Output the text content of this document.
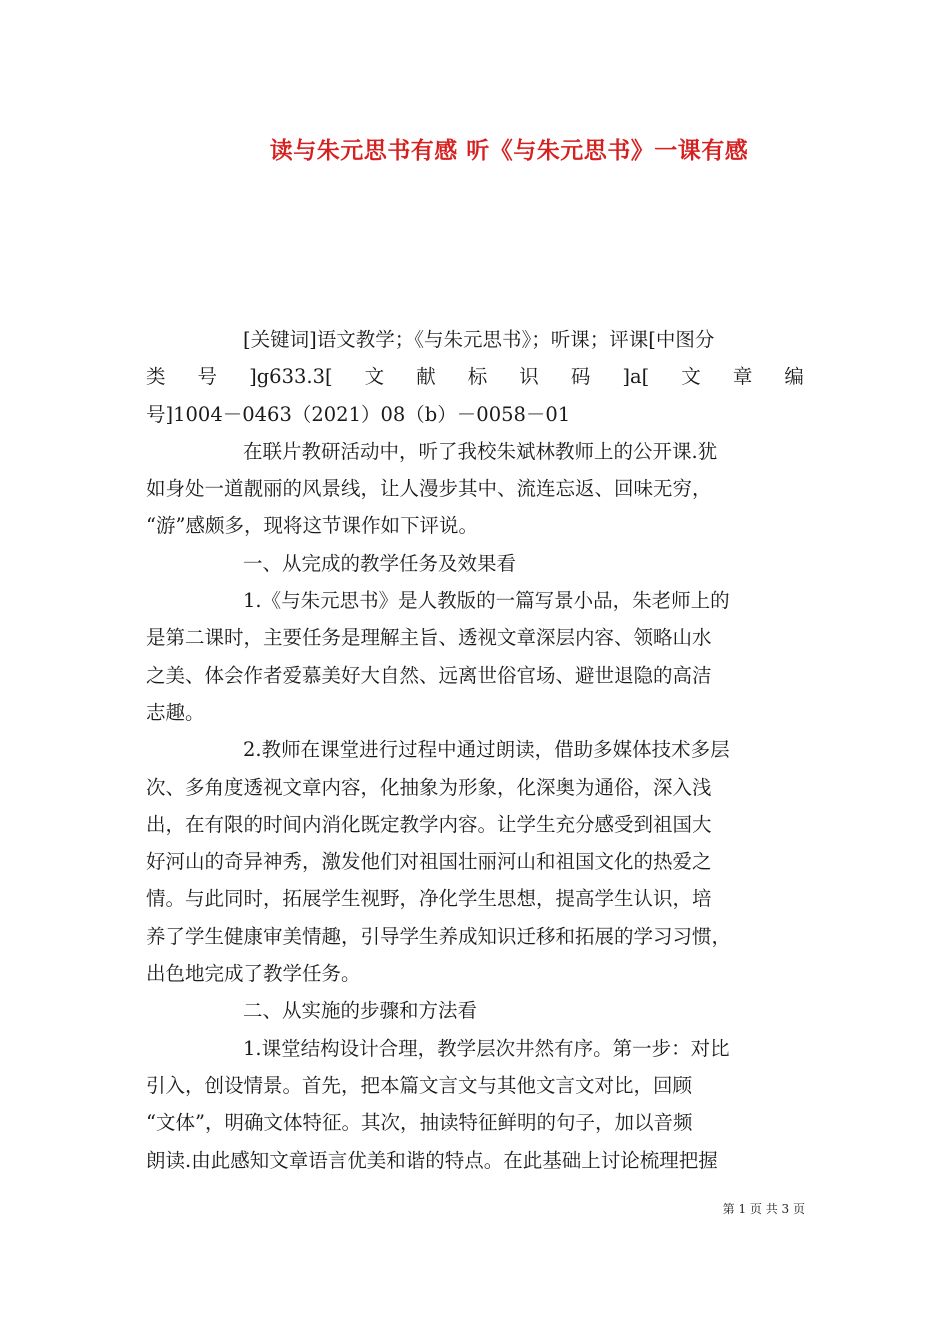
读与朱元思书有感 听《与朱元思书》一课有感
[关键词]语文教学；《与朱元思书》；听课；评课[中图分
类 号 ]g633.3[ 文 献 标 识 码 ]a[ 文 章 编
号]1004－0463（2021）08（b）－0058－01
在联片教研活动中，听了我校朱斌林教师上的公开课.犹
如身处一道靓丽的风景线，让人漫步其中、流连忘返、回味无穷，
“游”感颇多，现将这节课作如下评说。
一、从完成的教学任务及效果看
1.《与朱元思书》是人教版的一篇写景小品，朱老师上的
是第二课时，主要任务是理解主旨、透视文章深层内容、领略山水
之美、体会作者爱慕美好大自然、远离世俗官场、避世退隐的高洁
志趣。
2.教师在课堂进行过程中通过朗读，借助多媒体技术多层
次、多角度透视文章内容，化抽象为形象，化深奥为通俗，深入浅
出，在有限的时间内消化既定教学内容。让学生充分感受到祖国大
好河山的奇异神秀，激发他们对祖国壮丽河山和祖国文化的热爱之
情。与此同时，拓展学生视野，净化学生思想，提高学生认识，培
养了学生健康审美情趣，引导学生养成知识迁移和拓展的学习习惯，
出色地完成了教学任务。
二、从实施的步骤和方法看
1.课堂结构设计合理，教学层次井然有序。第一步：对比
引入，创设情景。首先，把本篇文言文与其他文言文对比，回顾
“文体”，明确文体特征。其次，抽读特征鲜明的句子，加以音频
朗读.由此感知文章语言优美和谐的特点。在此基础上讨论梳理把握
第 1 页 共 3 页
